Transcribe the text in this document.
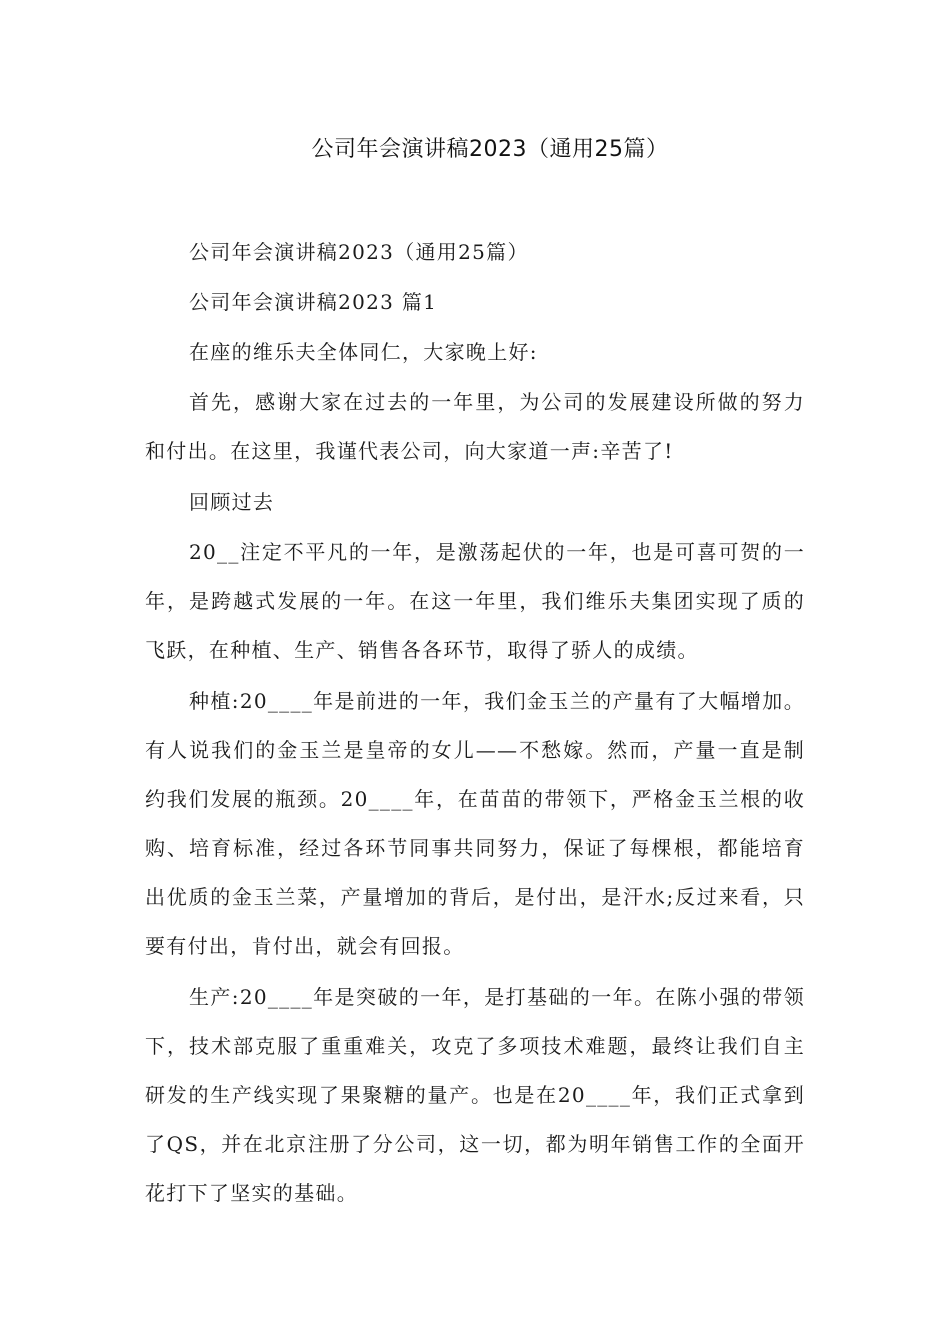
公司年会演讲稿2023（通用25篇）

公司年会演讲稿2023（通用25篇）

公司年会演讲稿2023 篇1

在座的维乐夫全体同仁，大家晚上好:

首先，感谢大家在过去的一年里，为公司的发展建设所做的努力和付出。在这里，我谨代表公司，向大家道一声:辛苦了!

回顾过去

20__注定不平凡的一年，是激荡起伏的一年，也是可喜可贺的一年，是跨越式发展的一年。在这一年里，我们维乐夫集团实现了质的飞跃，在种植、生产、销售各各环节，取得了骄人的成绩。

种植:20____年是前进的一年，我们金玉兰的产量有了大幅增加。有人说我们的金玉兰是皇帝的女儿——不愁嫁。然而，产量一直是制约我们发展的瓶颈。20____年，在苗苗的带领下，严格金玉兰根的收购、培育标准，经过各环节同事共同努力，保证了每棵根，都能培育出优质的金玉兰菜，产量增加的背后，是付出，是汗水;反过来看，只要有付出，肯付出，就会有回报。

生产:20____年是突破的一年，是打基础的一年。在陈小强的带领下，技术部克服了重重难关，攻克了多项技术难题，最终让我们自主研发的生产线实现了果聚糖的量产。也是在20____年，我们正式拿到了QS，并在北京注册了分公司，这一切，都为明年销售工作的全面开花打下了坚实的基础。
